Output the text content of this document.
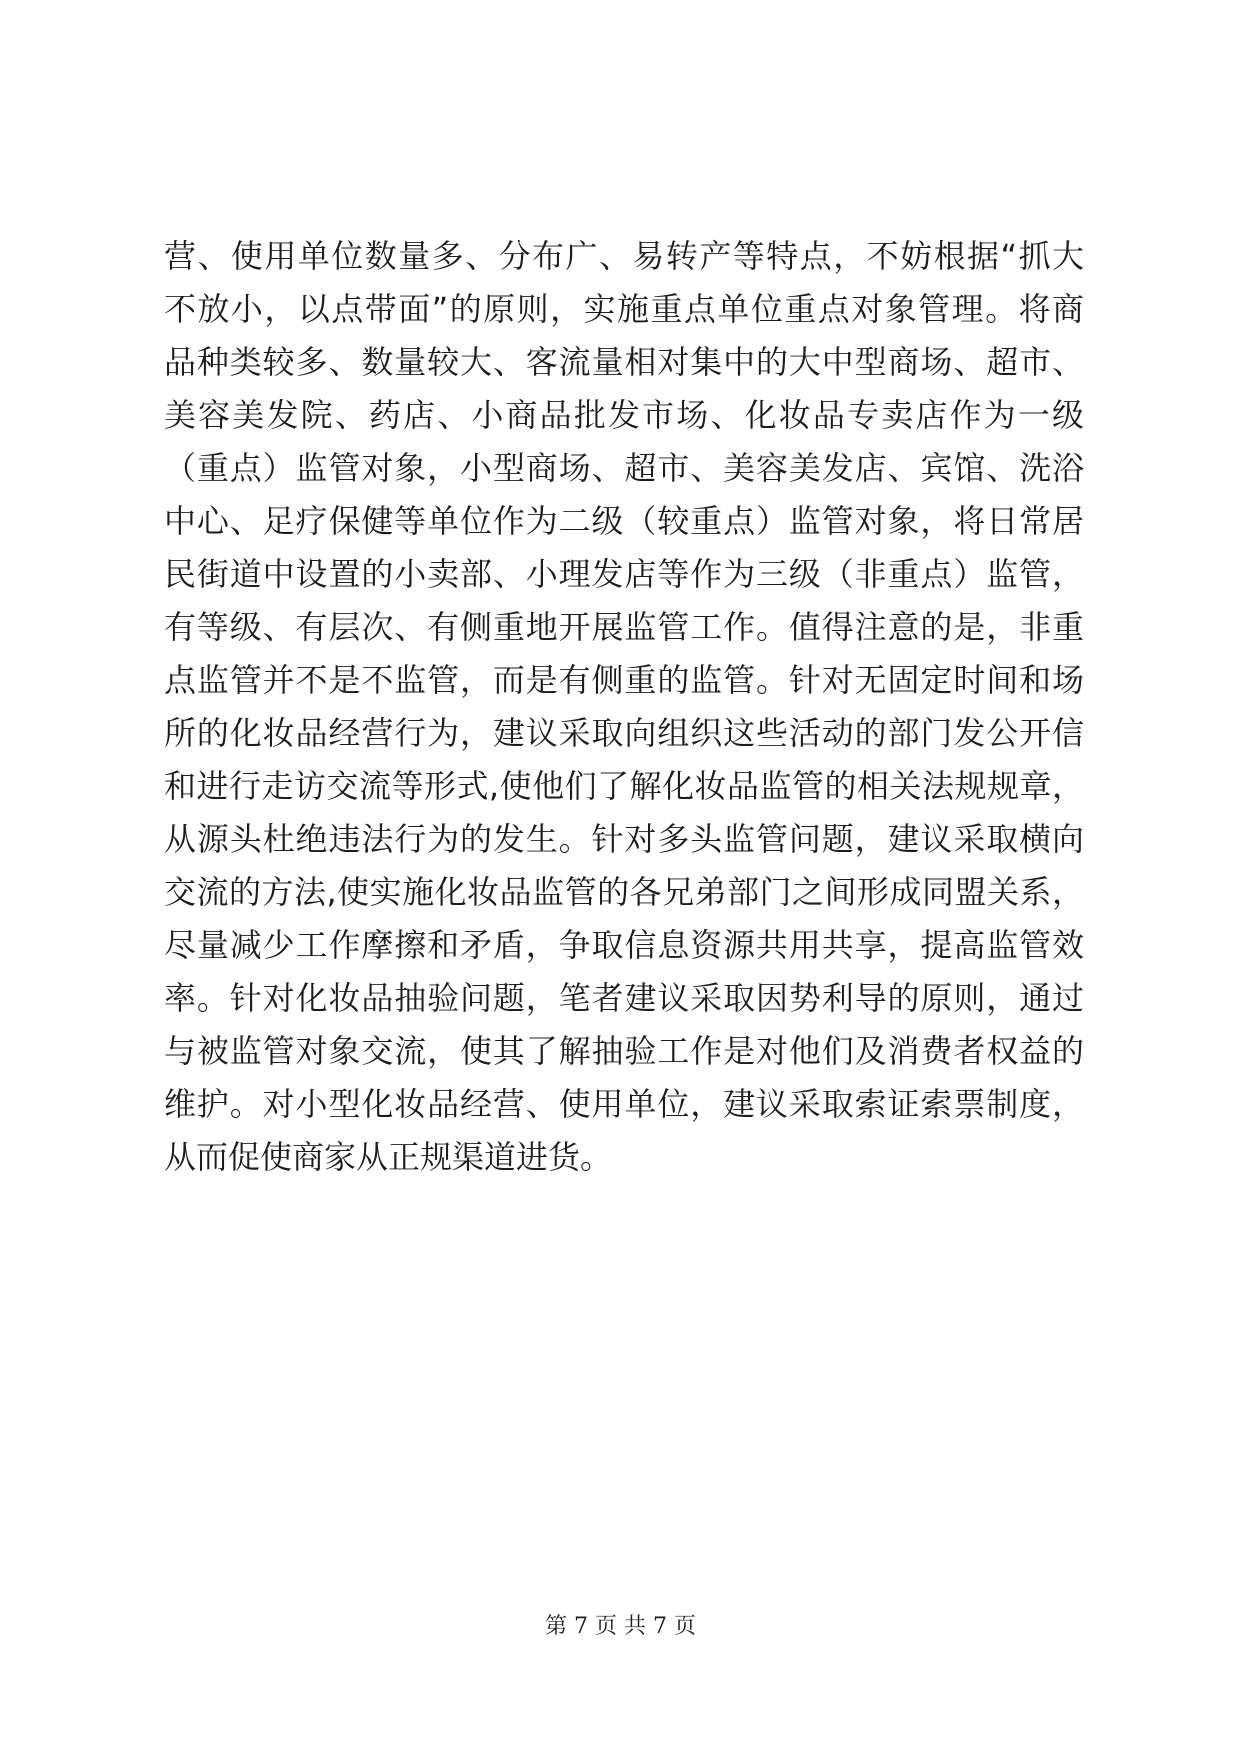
营、使用单位数量多、分布广、易转产等特点，不妨根据“抓大
不放小，以点带面”的原则，实施重点单位重点对象管理。将商
品种类较多、数量较大、客流量相对集中的大中型商场、超市、
美容美发院、药店、小商品批发市场、化妆品专卖店作为一级
（重点）监管对象，小型商场、超市、美容美发店、宾馆、洗浴
中心、足疗保健等单位作为二级（较重点）监管对象，将日常居
民街道中设置的小卖部、小理发店等作为三级（非重点）监管，
有等级、有层次、有侧重地开展监管工作。值得注意的是，非重
点监管并不是不监管，而是有侧重的监管。针对无固定时间和场
所的化妆品经营行为，建议采取向组织这些活动的部门发公开信
和进行走访交流等形式,使他们了解化妆品监管的相关法规规章，
从源头杜绝违法行为的发生。针对多头监管问题，建议采取横向
交流的方法,使实施化妆品监管的各兄弟部门之间形成同盟关系，
尽量减少工作摩擦和矛盾，争取信息资源共用共享，提高监管效
率。针对化妆品抽验问题，笔者建议采取因势利导的原则，通过
与被监管对象交流，使其了解抽验工作是对他们及消费者权益的
维护。对小型化妆品经营、使用单位，建议采取索证索票制度，
从而促使商家从正规渠道进货。
第 7 页 共 7 页
